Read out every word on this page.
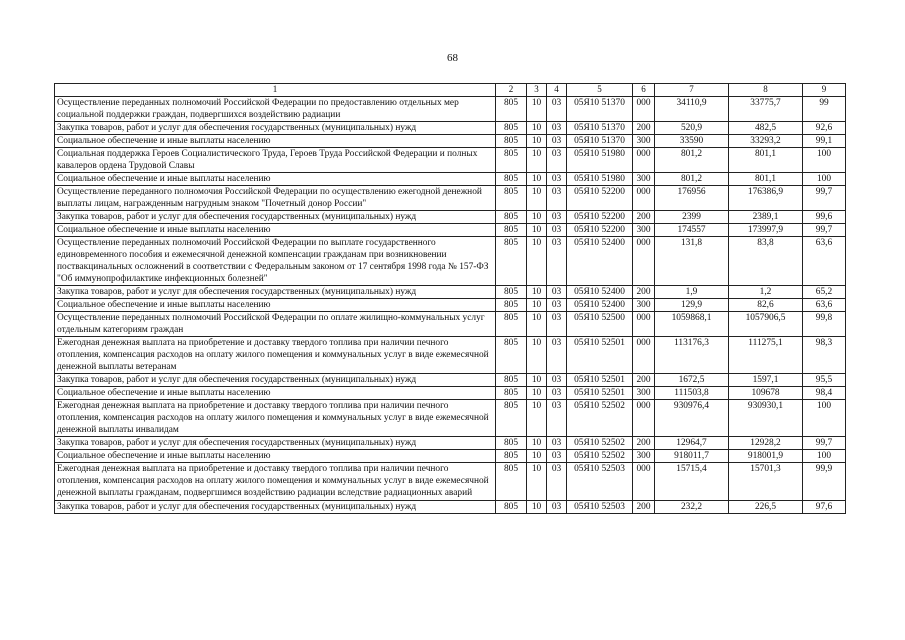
68
1	2	3	4	5	6	7	8	9
Осуществление переданных полномочий Российской Федерации по предоставлению отдельных мер социальной поддержки граждан, подвергшихся воздействию радиации	805	10	03	05Я10 51370	000	34110,9	33775,7	99
Закупка товаров, работ и услуг для обеспечения государственных (муниципальных) нужд	805	10	03	05Я10 51370	200	520,9	482,5	92,6
Социальное обеспечение и иные выплаты населению	805	10	03	05Я10 51370	300	33590	33293,2	99,1
Социальная поддержка Героев Социалистического Труда, Героев Труда Российской Федерации и полных кавалеров ордена Трудовой Славы	805	10	03	05Я10 51980	000	801,2	801,1	100
Социальное обеспечение и иные выплаты населению	805	10	03	05Я10 51980	300	801,2	801,1	100
Осуществление переданного полномочия Российской Федерации по осуществлению ежегодной денежной выплаты лицам, награжденным нагрудным знаком "Почетный донор России"	805	10	03	05Я10 52200	000	176956	176386,9	99,7
Закупка товаров, работ и услуг для обеспечения государственных (муниципальных) нужд	805	10	03	05Я10 52200	200	2399	2389,1	99,6
Социальное обеспечение и иные выплаты населению	805	10	03	05Я10 52200	300	174557	173997,9	99,7
Осуществление переданных полномочий Российской Федерации по выплате государственного единовременного пособия и ежемесячной денежной компенсации гражданам при возникновении поствакцинальных осложнений в соответствии с Федеральным законом от 17 сентября 1998 года № 157-ФЗ "Об иммунопрофилактике инфекционных болезней"	805	10	03	05Я10 52400	000	131,8	83,8	63,6
Закупка товаров, работ и услуг для обеспечения государственных (муниципальных) нужд	805	10	03	05Я10 52400	200	1,9	1,2	65,2
Социальное обеспечение и иные выплаты населению	805	10	03	05Я10 52400	300	129,9	82,6	63,6
Осуществление переданных полномочий Российской Федерации по оплате жилищно-коммунальных услуг отдельным категориям граждан	805	10	03	05Я10 52500	000	1059868,1	1057906,5	99,8
Ежегодная денежная выплата на приобретение и доставку твердого топлива при наличии печного отопления, компенсация расходов на оплату жилого помещения и коммунальных услуг в виде ежемесячной денежной выплаты ветеранам	805	10	03	05Я10 52501	000	113176,3	111275,1	98,3
Закупка товаров, работ и услуг для обеспечения государственных (муниципальных) нужд	805	10	03	05Я10 52501	200	1672,5	1597,1	95,5
Социальное обеспечение и иные выплаты населению	805	10	03	05Я10 52501	300	111503,8	109678	98,4
Ежегодная денежная выплата на приобретение и доставку твердого топлива при наличии печного отопления, компенсация расходов на оплату жилого помещения и коммунальных услуг в виде ежемесячной денежной выплаты инвалидам	805	10	03	05Я10 52502	000	930976,4	930930,1	100
Закупка товаров, работ и услуг для обеспечения государственных (муниципальных) нужд	805	10	03	05Я10 52502	200	12964,7	12928,2	99,7
Социальное обеспечение и иные выплаты населению	805	10	03	05Я10 52502	300	918011,7	918001,9	100
Ежегодная денежная выплата на приобретение и доставку твердого топлива при наличии печного отопления, компенсация расходов на оплату жилого помещения и коммунальных услуг в виде ежемесячной денежной выплаты гражданам, подвергшимся воздействию радиации вследствие радиационных аварий	805	10	03	05Я10 52503	000	15715,4	15701,3	99,9
Закупка товаров, работ и услуг для обеспечения государственных (муниципальных) нужд	805	10	03	05Я10 52503	200	232,2	226,5	97,6
